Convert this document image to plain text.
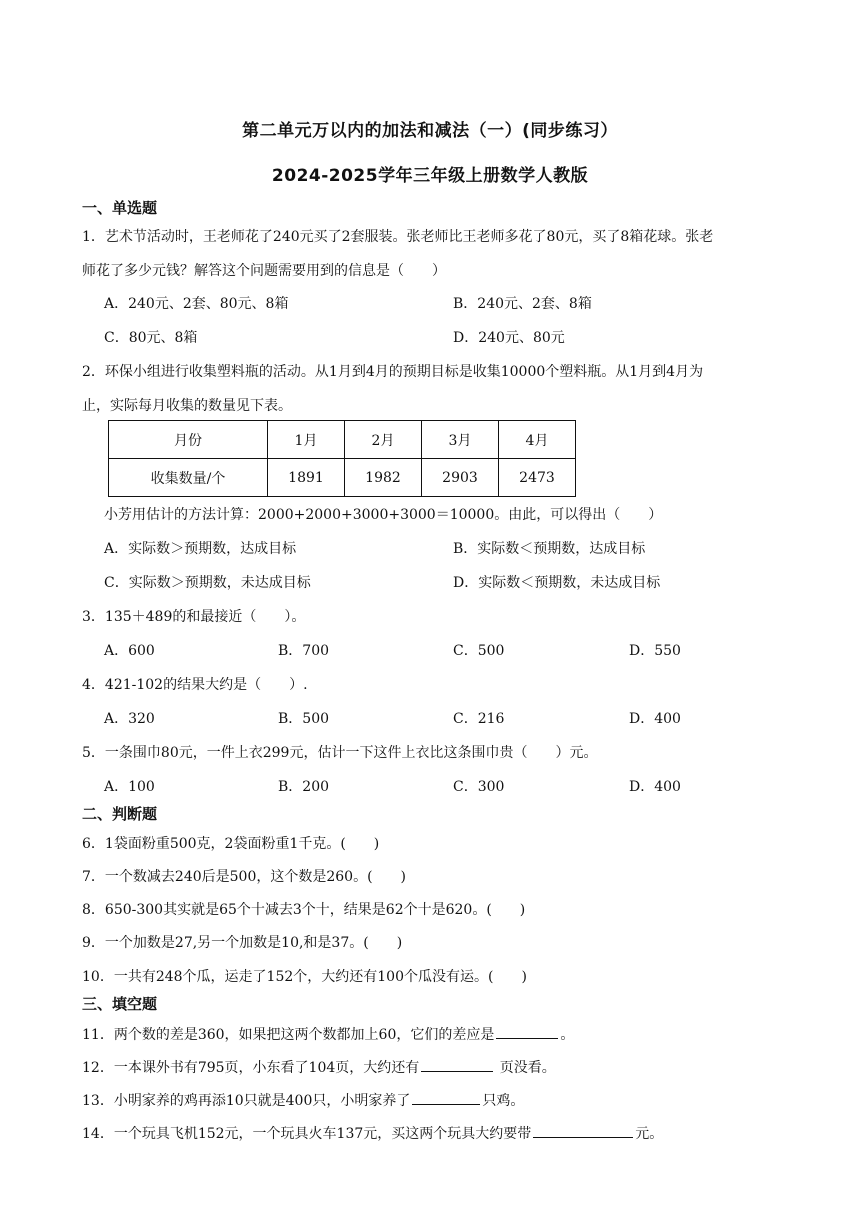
第二单元万以内的加法和减法（一）(同步练习）
2024-2025学年三年级上册数学人教版
一、单选题
1．艺术节活动时，王老师花了240元买了2套服装。张老师比王老师多花了80元，买了8箱花球。张老
师花了多少元钱？解答这个问题需要用到的信息是（　　）
A．240元、2套、80元、8箱	B．240元、2套、8箱
C．80元、8箱	D．240元、80元
2．环保小组进行收集塑料瓶的活动。从1月到4月的预期目标是收集10000个塑料瓶。从1月到4月为
止，实际每月收集的数量见下表。
月份	1月	2月	3月	4月
收集数量/个	1891	1982	2903	2473
小芳用估计的方法计算：2000+2000+3000+3000＝10000。由此，可以得出（　　）
A．实际数＞预期数，达成目标	B．实际数＜预期数，达成目标
C．实际数＞预期数，未达成目标	D．实际数＜预期数，未达成目标
3．135＋489的和最接近（　　）。
A．600	B．700	C．500	D．550
4．421-102的结果大约是（　　）.
A．320	B．500	C．216	D．400
5．一条围巾80元，一件上衣299元，估计一下这件上衣比这条围巾贵（　　）元。
A．100	B．200	C．300	D．400
二、判断题
6．1袋面粉重500克，2袋面粉重1千克。(　　)
7．一个数减去240后是500，这个数是260。(　　)
8．650-300其实就是65个十减去3个十，结果是62个十是620。(　　)
9．一个加数是27,另一个加数是10,和是37。(　　)
10．一共有248个瓜，运走了152个，大约还有100个瓜没有运。(　　)
三、填空题
11．两个数的差是360，如果把这两个数都加上60，它们的差应是	。
12．一本课外书有795页，小东看了104页，大约还有	页没看。
13．小明家养的鸡再添10只就是400只，小明家养了	只鸡。
14．一个玩具飞机152元，一个玩具火车137元，买这两个玩具大约要带	元。
